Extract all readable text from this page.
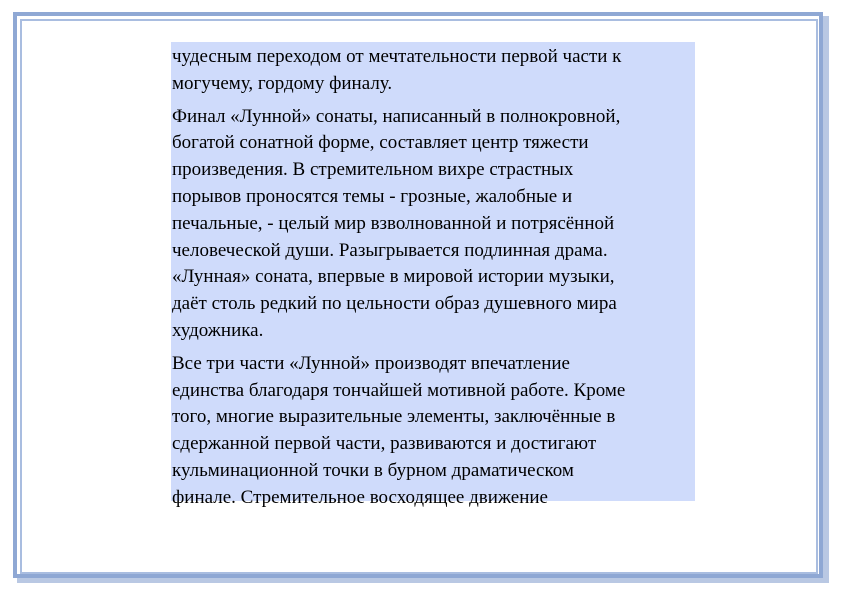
чудесным переходом от мечтательности первой части к
могучему, гордому финалу.

Финал «Лунной» сонаты, написанный в полнокровной,
богатой сонатной форме, составляет центр тяжести
произведения. В стремительном вихре страстных
порывов проносятся темы - грозные, жалобные и
печальные, - целый мир взволнованной и потрясённой
человеческой души. Разыгрывается подлинная драма.
«Лунная» соната, впервые в мировой истории музыки,
даёт столь редкий по цельности образ душевного мира
художника.

Все три части «Лунной» производят впечатление
единства благодаря тончайшей мотивной работе. Кроме
того, многие выразительные элементы, заключённые в
сдержанной первой части, развиваются и достигают
кульминационной точки в бурном драматическом
финале. Стремительное восходящее движение
